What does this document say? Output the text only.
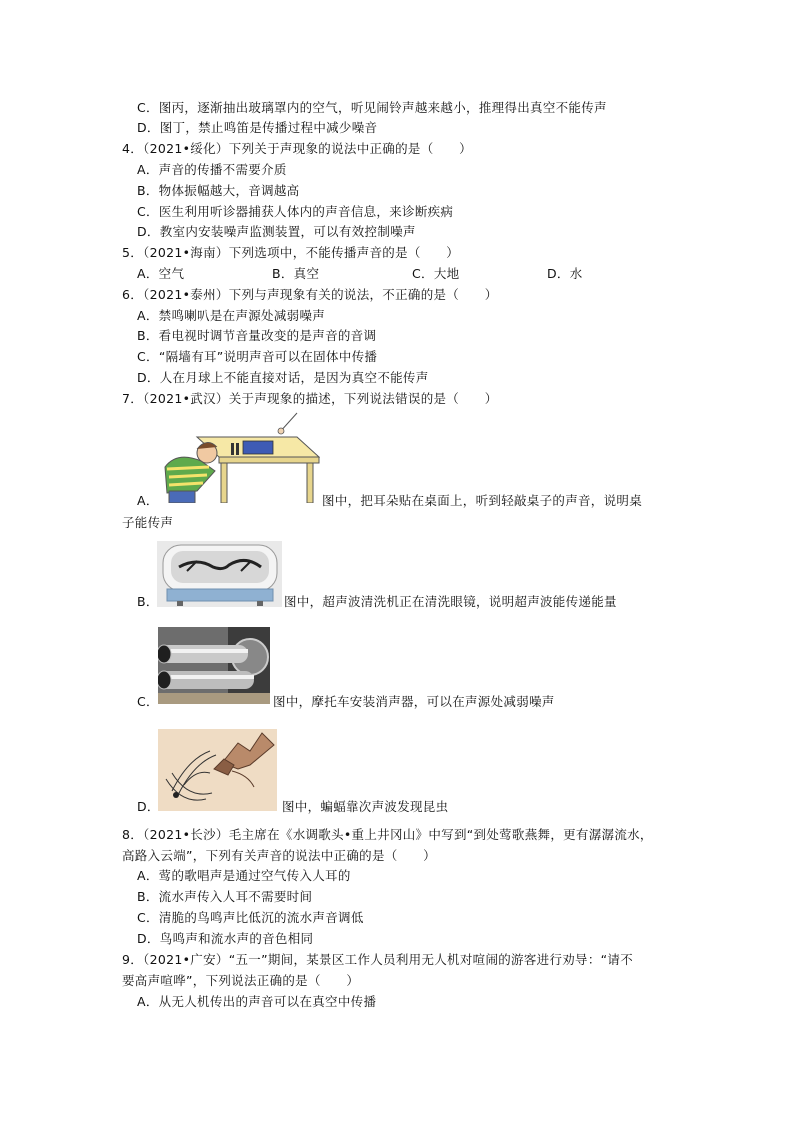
C．图丙，逐渐抽出玻璃罩内的空气，听见闹铃声越来越小，推理得出真空不能传声
D．图丁，禁止鸣笛是传播过程中减少噪音
4．（2021•绥化）下列关于声现象的说法中正确的是（　　）
A．声音的传播不需要介质
B．物体振幅越大，音调越高
C．医生利用听诊器捕获人体内的声音信息，来诊断疾病
D．教室内安装噪声监测装置，可以有效控制噪声
5．（2021•海南）下列选项中，不能传播声音的是（　　）
A．空气	B．真空	C．大地	D．水
6．（2021•泰州）下列与声现象有关的说法，不正确的是（　　）
A．禁鸣喇叭是在声源处减弱噪声
B．看电视时调节音量改变的是声音的音调
C．“隔墙有耳”说明声音可以在固体中传播
D．人在月球上不能直接对话，是因为真空不能传声
7．（2021•武汉）关于声现象的描述，下列说法错误的是（　　）
A．	图中，把耳朵贴在桌面上，听到轻敲桌子的声音，说明桌
子能传声
B．	图中，超声波清洗机正在清洗眼镜，说明超声波能传递能量
C．	图中，摩托车安装消声器，可以在声源处减弱噪声
D．	图中，蝙蝠靠次声波发现昆虫
8．（2021•长沙）毛主席在《水调歌头•重上井冈山》中写到“到处莺歌燕舞，更有潺潺流水，
高路入云端”，下列有关声音的说法中正确的是（　　）
A．莺的歌唱声是通过空气传入人耳的
B．流水声传入人耳不需要时间
C．清脆的鸟鸣声比低沉的流水声音调低
D．鸟鸣声和流水声的音色相同
9．（2021•广安）“五一”期间，某景区工作人员利用无人机对喧闹的游客进行劝导：“请不
要高声喧哗”，下列说法正确的是（　　）
A．从无人机传出的声音可以在真空中传播
